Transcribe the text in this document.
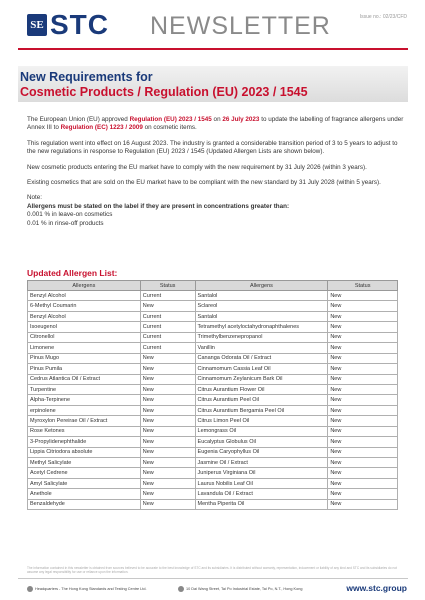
SE STC NEWSLETTER	Issue no.: 02/23/CFD
New Requirements for
Cosmetic Products / Regulation (EU) 2023 / 1545

The European Union (EU) approved Regulation (EU) 2023 / 1545 on 26 July 2023 to update the labelling of fragrance allergens under Annex III to Regulation (EC) 1223 / 2009 on cosmetic items.

This regulation went into effect on 16 August 2023. The industry is granted a considerable transition period of 3 to 5 years to adjust to the new regulations in response to Regulation (EU) 2023 / 1545 (Updated Allergen Lists are shown below).

New cosmetic products entering the EU market have to comply with the new requirement by 31 July 2026 (within 3 years).

Existing cosmetics that are sold on the EU market have to be compliant with the new standard by 31 July 2028 (within 5 years).

Note:
Allergens must be stated on the label if they are present in concentrations greater than:
0.001 % in leave-on cosmetics
0.01 % in rinse-off products
Updated Allergen List:
Allergens	Status	Allergens	Status
Benzyl Alcohol	Current	Santalol	New
6-Methyl Coumarin	New	Sclareol	New
Benzyl Alcohol	Current	Santalol	New
Isoeugenol	Current	Tetramethyl acetyloctahydronaphthalenes	New
Citronellol	Current	Trimethylbenzenepropanol	New
Limonene	Current	Vanillin	New
Pinus Mugo	New	Cananga Odorata Oil / Extract	New
Pinus Pumila	New	Cinnamomum Cassia Leaf Oil	New
Cedrus Atlantica Oil / Extract	New	Cinnamomum Zeylanicum Bark Oil	New
Turpentine	New	Citrus Aurantium Flower Oil	New
Alpha-Terpinene	New	Citrus Aurantium Peel Oil	New
erpinolene	New	Citrus Aurantium Bergamia Peel Oil	New
Myroxylon Pereirae Oil / Extract	New	Citrus Limon Peel Oil	New
Rose Ketones	New	Lemongrass Oil	New
3-Propylidenephthalide	New	Eucalyptus Globulus Oil	New
Lippia Citriodora absolute	New	Eugenia Caryophyllus Oil	New
Methyl Salicylate	New	Jasmine Oil / Extract	New
Acetyl Cedrene	New	Juniperus Virginiana Oil	New
Amyl Salicylate	New	Laurus Nobilis Leaf Oil	New
Anethole	New	Lavandula Oil / Extract	New
Benzaldehyde	New	Mentha Piperita Oil	New
The information contained in this newsletter is obtained from sources believed to be accurate to the best knowledge of STC and its subsidiaries. It is distributed without warranty, representation, inducement or liability of any kind and STC and its subsidiaries do not assume any legal responsibility for use or reliance upon the information.
Headquarters - The Hong Kong Standards and Testing Centre Ltd.	10 Dai Wang Street, Tai Po Industrial Estate, Tai Po, N.T., Hong Kong	www.stc.group
